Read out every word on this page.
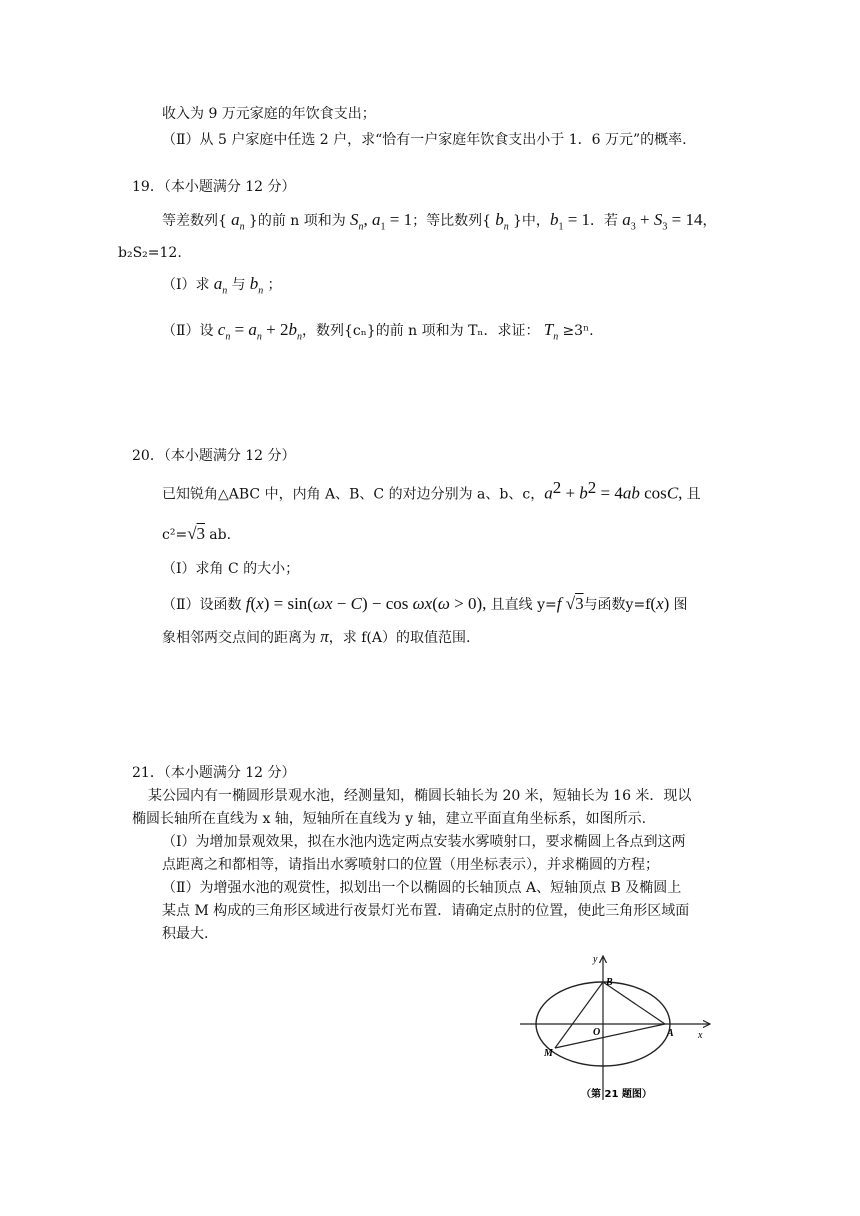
收入为 9 万元家庭的年饮食支出；
（Ⅱ）从 5 户家庭中任选 2 户，求“恰有一户家庭年饮食支出小于 1．6 万元”的概率.
19．（本小题满分 12 分）
等差数列{ $a_n$ }的前 n 项和为 $S_n$, $a_1 = 1$；等比数列{ $b_n$ }中，$b_1 = 1$．若 $a_3 + S_3 = 14$，
b₂S₂=12.
（I）求 $a_n$ 与 $b_n$ ；
（Ⅱ）设 $c_n = a_n + 2b_n$，数列{cₙ}的前 n 项和为 Tₙ．求证： $T_n \ge 3^n$.
20．（本小题满分 12 分）
已知锐角△ABC 中，内角 A、B、C 的对边分别为 a、b、c，$a^2 + b^2 = 4ab$ cosC, 且
c²=√3 ab.
（I）求角 C 的大小；
（Ⅱ）设函数 f(x) = sin(ωx − C) − cos ωx(ω > 0), 且直线 y=f √3与函数y=f(x) 图
象相邻两交点间的距离为 π，求 f(A）的取值范围.
21．（本小题满分 12 分）
某公园内有一椭圆形景观水池，经测量知，椭圆长轴长为 20 米，短轴长为 16 米．现以
椭圆长轴所在直线为 x 轴，短轴所在直线为 y 轴，建立平面直角坐标系，如图所示.
（I）为增加景观效果，拟在水池内选定两点安装水雾喷射口，要求椭圆上各点到这两
点距离之和都相等，请指出水雾喷射口的位置（用坐标表示），并求椭圆的方程；
（Ⅱ）为增强水池的观赏性，拟划出一个以椭圆的长轴顶点 A、短轴顶点 B 及椭圆上
某点 M 构成的三角形区域进行夜景灯光布置．请确定点肘的位置，使此三角形区域面
积最大.
y
x
B
O	A
M
（第 21 题图）
